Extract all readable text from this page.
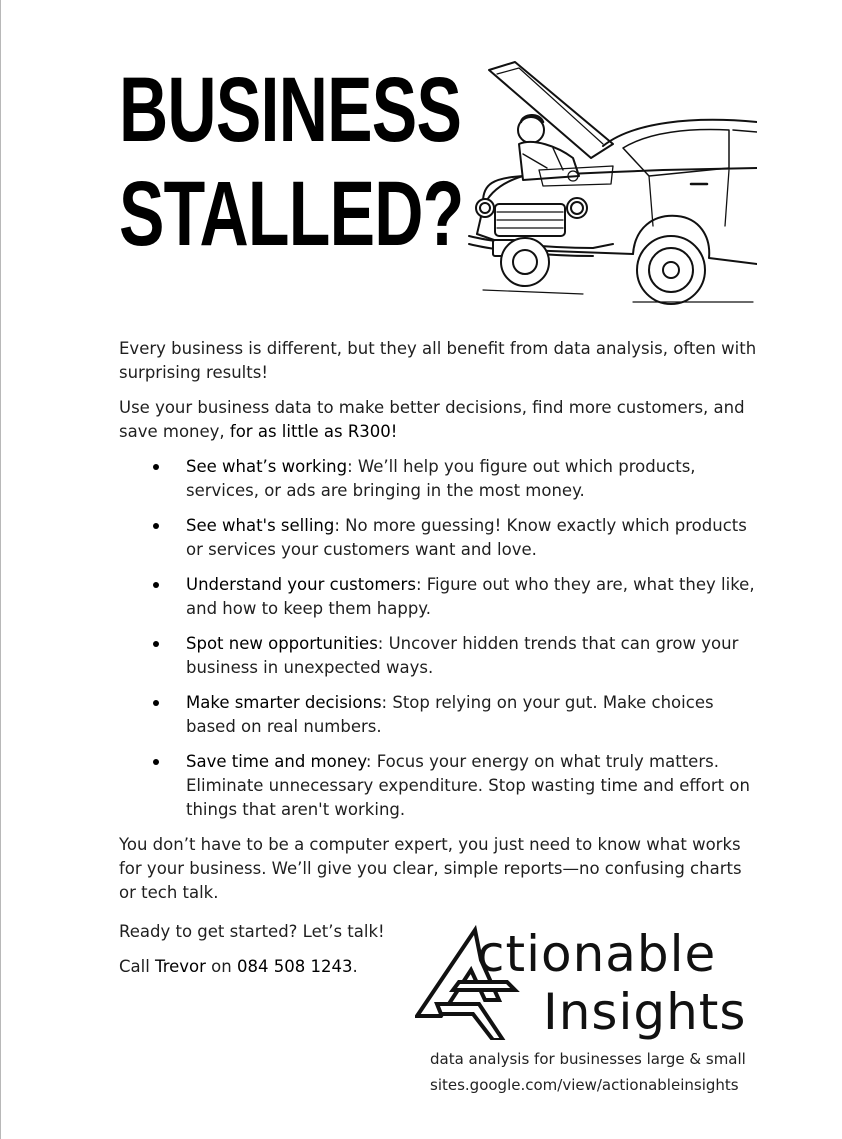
BUSINESS
STALLED?

Every business is different, but they all benefit from data analysis, often with surprising results!

Use your business data to make better decisions, find more customers, and save money, for as little as R300!

See what’s working: We’ll help you figure out which products, services, or ads are bringing in the most money.
See what's selling: No more guessing! Know exactly which products or services your customers want and love.
Understand your customers: Figure out who they are, what they like, and how to keep them happy.
Spot new opportunities: Uncover hidden trends that can grow your business in unexpected ways.
Make smarter decisions: Stop relying on your gut. Make choices based on real numbers.
Save time and money: Focus your energy on what truly matters. Eliminate unnecessary expenditure. Stop wasting time and effort on things that aren't working.

You don’t have to be a computer expert, you just need to know what works for your business. We’ll give you clear, simple reports—no confusing charts or tech talk.

Ready to get started? Let’s talk!

Call Trevor on 084 508 1243.	ctionable

Insights

data analysis for businesses large & small
sites.google.com/view/actionableinsights
